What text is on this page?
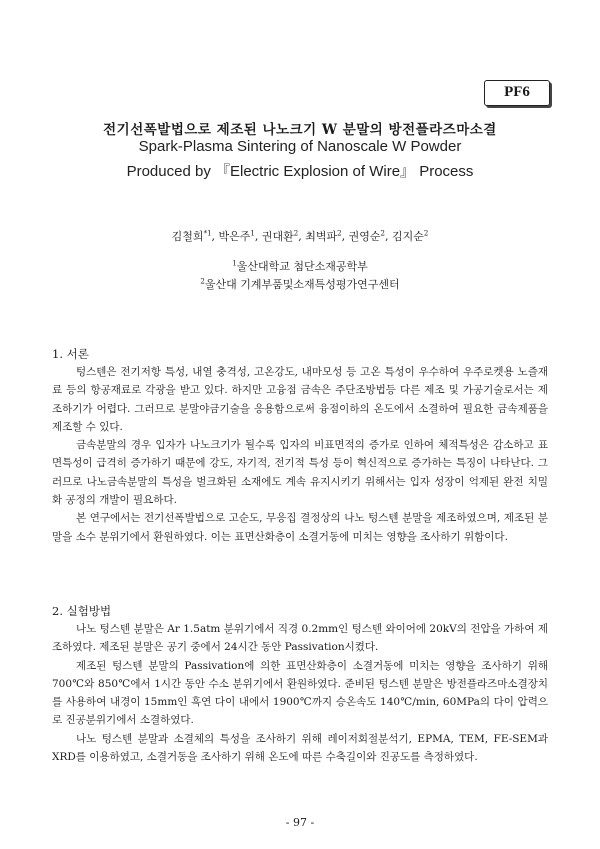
PF6
전기선폭발법으로 제조된 나노크기 W 분말의 방전플라즈마소결
Spark-Plasma Sintering of Nanoscale W Powder
Produced by 『Electric Explosion of Wire』 Process
김철희$^{*1}$, 박은주$^1$, 권대환$^2$, 최벽파$^2$, 권영순$^2$, 김지순$^2$
$^1$울산대학교 첨단소재공학부
$^2$울산대 기계부품및소재특성평가연구센터
1. 서론

텅스텐은 전기저항 특성, 내열 충격성, 고온강도, 내마모성 등 고온 특성이 우수하여 우주로켓용 노즐재료 등의 항공재료로 각광을 받고 있다. 하지만 고융점 금속은 주단조방법등 다른 제조 및 가공기술로서는 제조하기가 어렵다. 그러므로 분말야금기술을 응용함으로써 융점이하의 온도에서 소결하여 필요한 금속제품을 제조할 수 있다.

금속분말의 경우 입자가 나노크기가 될수록 입자의 비표면적의 증가로 인하여 체적특성은 감소하고 표면특성이 급격히 증가하기 때문에 강도, 자기적, 전기적 특성 등이 혁신적으로 증가하는 특징이 나타난다. 그러므로 나노금속분말의 특성을 벌크화된 소재에도 계속 유지시키기 위해서는 입자 성장이 억제된 완전 치밀화 공정의 개발이 필요하다.

본 연구에서는 전기선폭발법으로 고순도, 무응집 결정상의 나노 텅스텐 분말을 제조하였으며, 제조된 분말을 소수 분위기에서 환원하였다. 이는 표면산화층이 소결거동에 미치는 영향을 조사하기 위함이다.

2. 실험방법

나노 텅스텐 분말은 Ar 1.5atm 분위기에서 직경 0.2mm인 텅스텐 와이어에 20kV의 전압을 가하여 제조하였다. 제조된 분말은 공기 중에서 24시간 동안 Passivation시켰다.

제조된 텅스텐 분말의 Passivation에 의한 표면산화층이 소결거동에 미치는 영향을 조사하기 위해 700℃와 850℃에서 1시간 동안 수소 분위기에서 환원하였다. 준비된 텅스텐 분말은 방전플라즈마소결장치를 사용하여 내경이 15mm인 흑연 다이 내에서 1900℃까지 승온속도 140℃/min, 60MPa의 다이 압력으로 진공분위기에서 소결하였다.

나노 텅스텐 분말과 소결체의 특성을 조사하기 위해 레이저회절분석기, EPMA, TEM, FE-SEM과 XRD를 이용하였고, 소결거동을 조사하기 위해 온도에 따른 수축길이와 진공도를 측정하였다.

- 97 -
